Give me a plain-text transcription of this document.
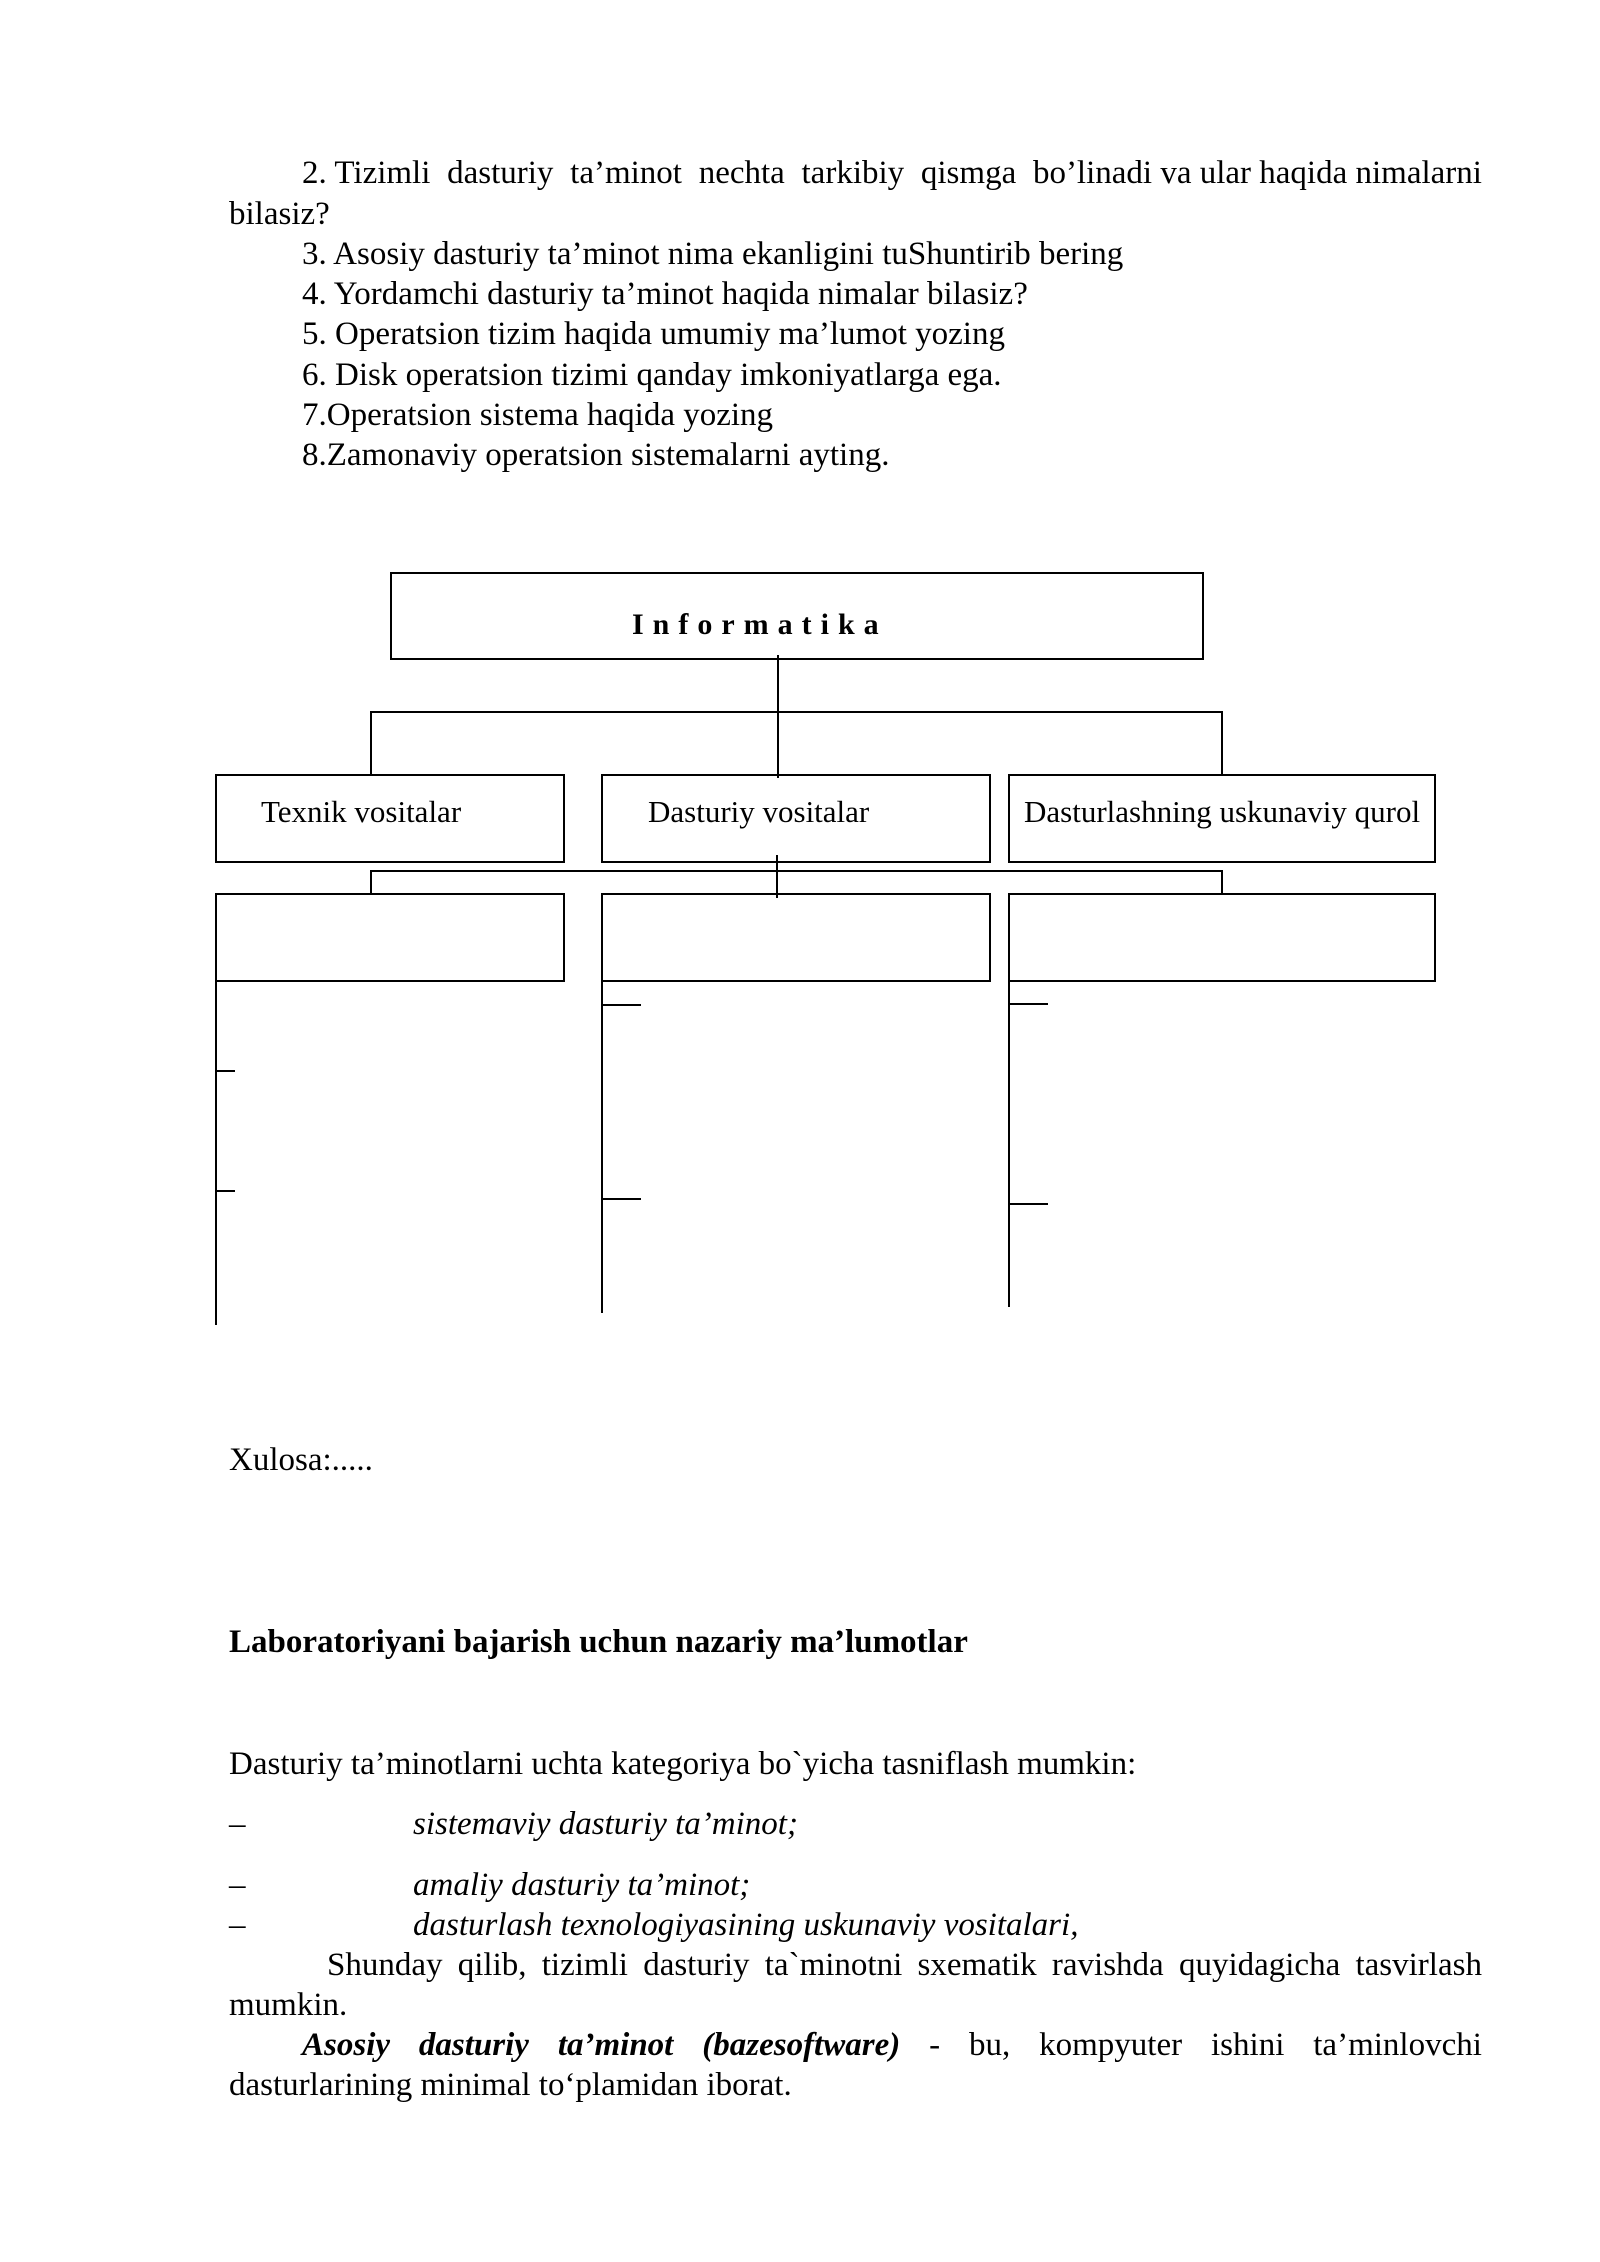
2. Tizimli dasturiy ta’minot nechta tarkibiy qismga bo’linadi va ular haqida nimalarni
bilasiz?
3. Asosiy dasturiy ta’minot nima ekanligini tuShuntirib bering
4. Yordamchi dasturiy ta’minot haqida nimalar bilasiz?
5. Operatsion tizim haqida umumiy ma’lumot yozing
6. Disk operatsion tizimi qanday imkoniyatlarga ega.
7.Operatsion sistema haqida yozing
8.Zamonaviy operatsion sistemalarni ayting.
Informatika
Texnik vositalar	Dasturiy vositalar	Dasturlashning uskunaviy qurol
Xulosa:.....
Laboratoriyani bajarish uchun nazariy ma’lumotlar
Dasturiy ta’minotlarni uchta kategoriya bo`yicha tasniflash mumkin:
–	sistemaviy dasturiy ta’minot;
–	amaliy dasturiy ta’minot;
–	dasturlash texnologiyasining uskunaviy vositalari,
Shunday qilib, tizimli dasturiy ta`minotni sxematik ravishda quyidagicha tasvirlash
mumkin.
Asosiy dasturiy ta’minot (bazesoftware) - bu, kompyuter ishini ta’minlovchi
dasturlarining minimal to‘plamidan iborat.
